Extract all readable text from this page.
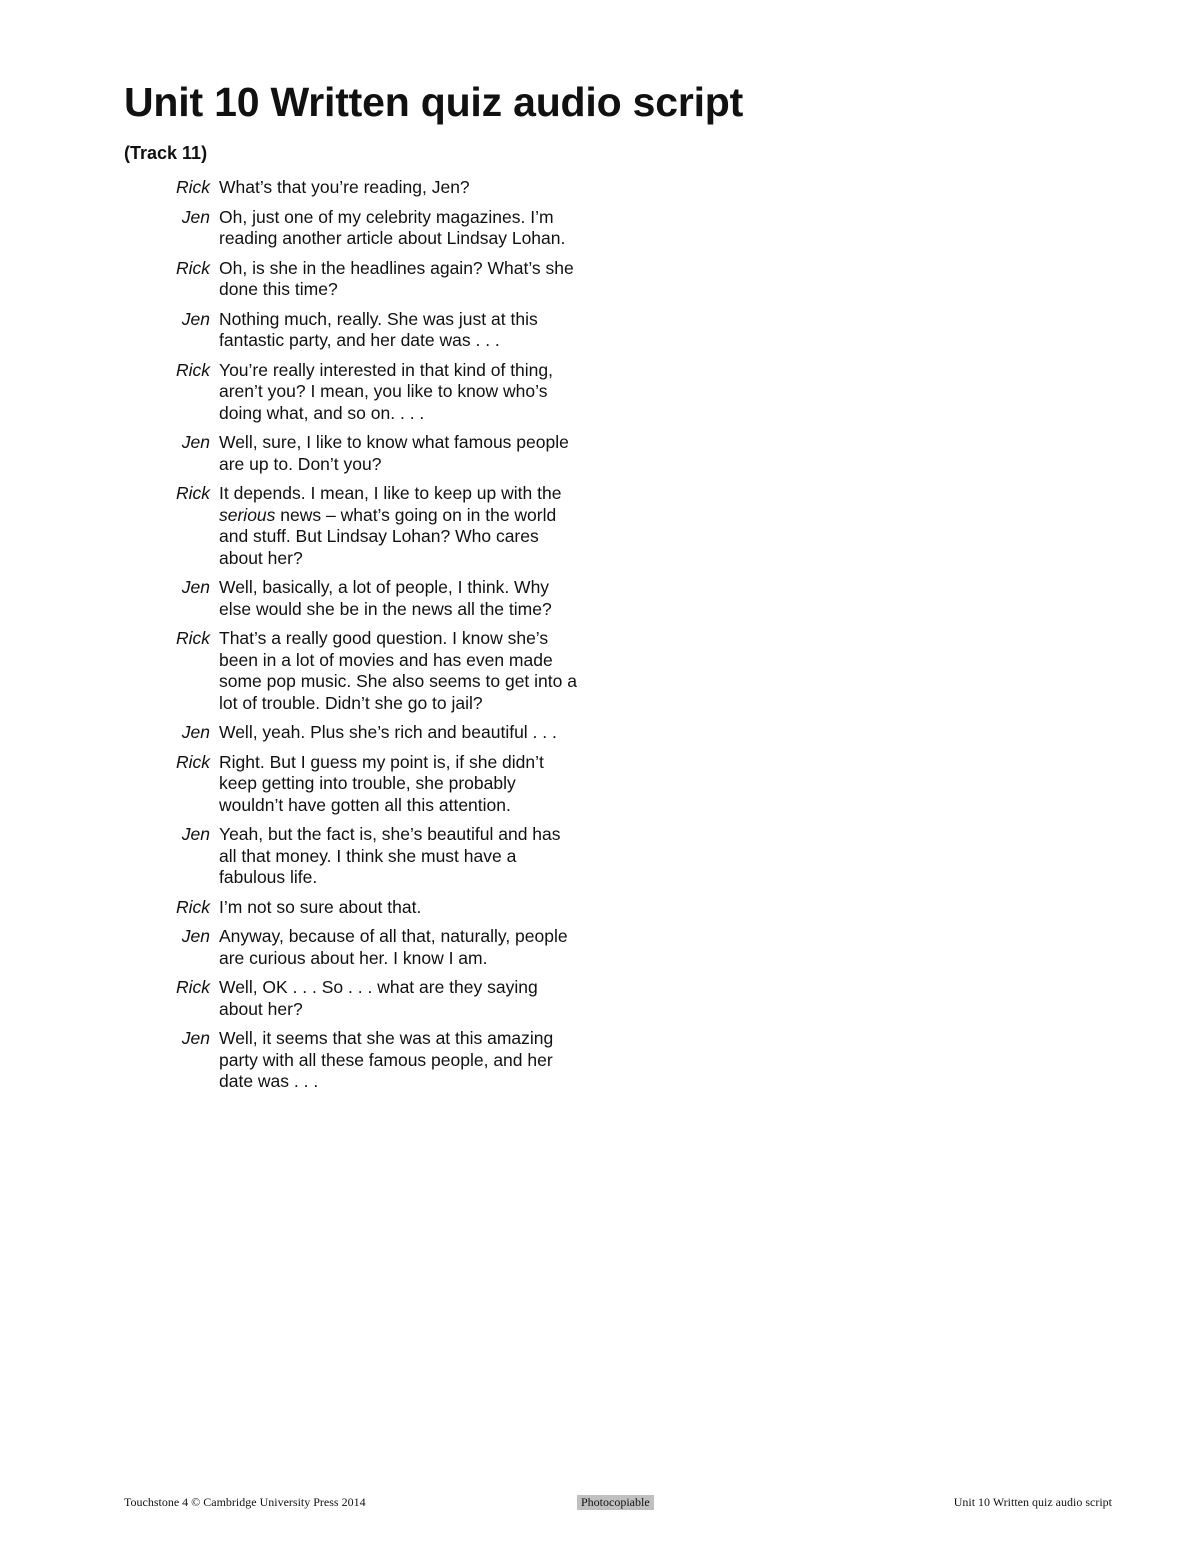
Unit 10 Written quiz audio script
(Track 11)
Rick What’s that you’re reading, Jen?
Jen Oh, just one of my celebrity magazines. I’m reading another article about Lindsay Lohan.
Rick Oh, is she in the headlines again? What’s she done this time?
Jen Nothing much, really. She was just at this fantastic party, and her date was . . .
Rick You’re really interested in that kind of thing, aren’t you? I mean, you like to know who’s doing what, and so on. . . .
Jen Well, sure, I like to know what famous people are up to. Don’t you?
Rick It depends. I mean, I like to keep up with the serious news – what’s going on in the world and stuff. But Lindsay Lohan? Who cares about her?
Jen Well, basically, a lot of people, I think. Why else would she be in the news all the time?
Rick That’s a really good question. I know she’s been in a lot of movies and has even made some pop music. She also seems to get into a lot of trouble. Didn’t she go to jail?
Jen Well, yeah. Plus she’s rich and beautiful . . .
Rick Right. But I guess my point is, if she didn’t keep getting into trouble, she probably wouldn’t have gotten all this attention.
Jen Yeah, but the fact is, she’s beautiful and has all that money. I think she must have a fabulous life.
Rick I’m not so sure about that.
Jen Anyway, because of all that, naturally, people are curious about her. I know I am.
Rick Well, OK . . . So . . . what are they saying about her?
Jen Well, it seems that she was at this amazing party with all these famous people, and her date was . . .
Touchstone 4 © Cambridge University Press 2014	Photocopiable	Unit 10 Written quiz audio script
